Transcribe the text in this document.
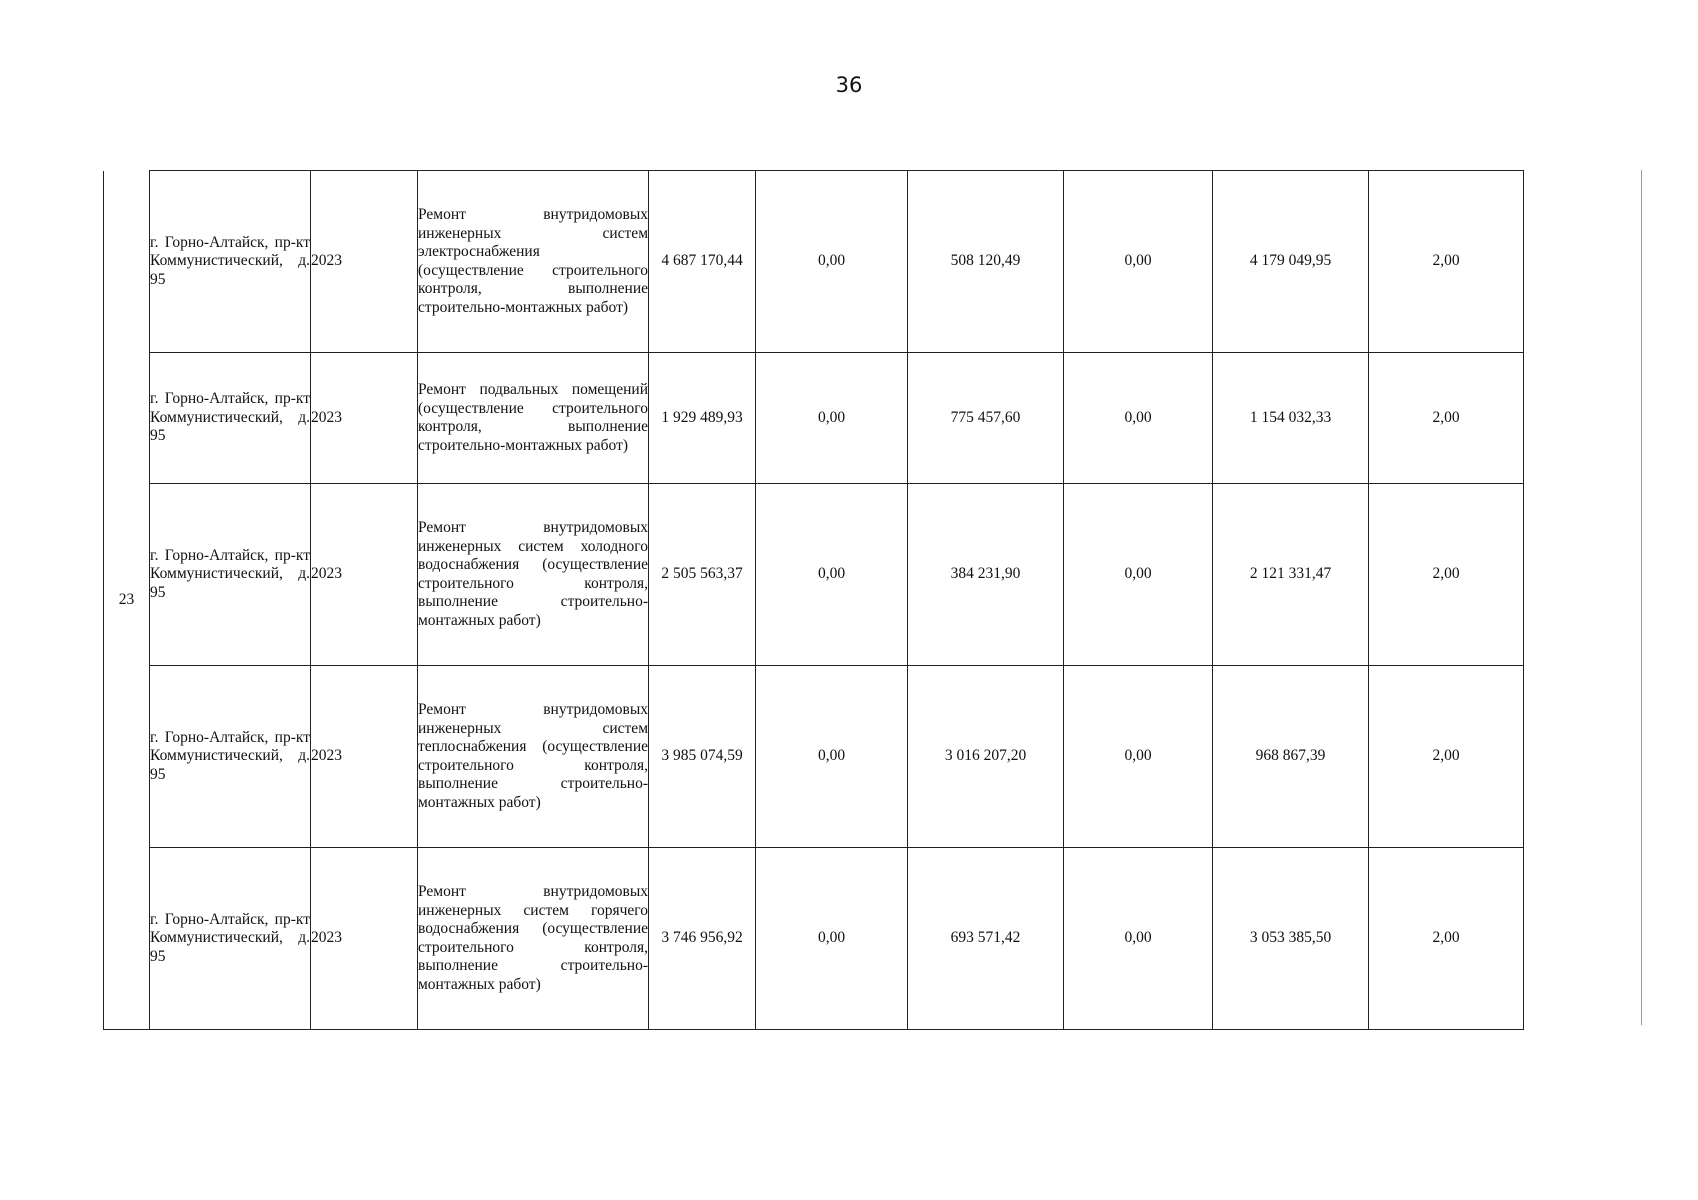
36
23	г. Горно-Алтайск, пр-кт Коммунистический, д. 95	2023	Ремонт внутридомовых инженерных систем электроснабжения (осуществление строительного контроля, выполнение строительно-монтажных работ)	4 687 170,44	0,00	508 120,49	0,00	4 179 049,95	2,00
	г. Горно-Алтайск, пр-кт Коммунистический, д. 95	2023	Ремонт подвальных помещений (осуществление строительного контроля, выполнение строительно-монтажных работ)	1 929 489,93	0,00	775 457,60	0,00	1 154 032,33	2,00
	г. Горно-Алтайск, пр-кт Коммунистический, д. 95	2023	Ремонт внутридомовых инженерных систем холодного водоснабжения (осуществление строительного контроля, выполнение строительно-монтажных работ)	2 505 563,37	0,00	384 231,90	0,00	2 121 331,47	2,00
	г. Горно-Алтайск, пр-кт Коммунистический, д. 95	2023	Ремонт внутридомовых инженерных систем теплоснабжения (осуществление строительного контроля, выполнение строительно-монтажных работ)	3 985 074,59	0,00	3 016 207,20	0,00	968 867,39	2,00
	г. Горно-Алтайск, пр-кт Коммунистический, д. 95	2023	Ремонт внутридомовых инженерных систем горячего водоснабжения (осуществление строительного контроля, выполнение строительно-монтажных работ)	3 746 956,92	0,00	693 571,42	0,00	3 053 385,50	2,00
